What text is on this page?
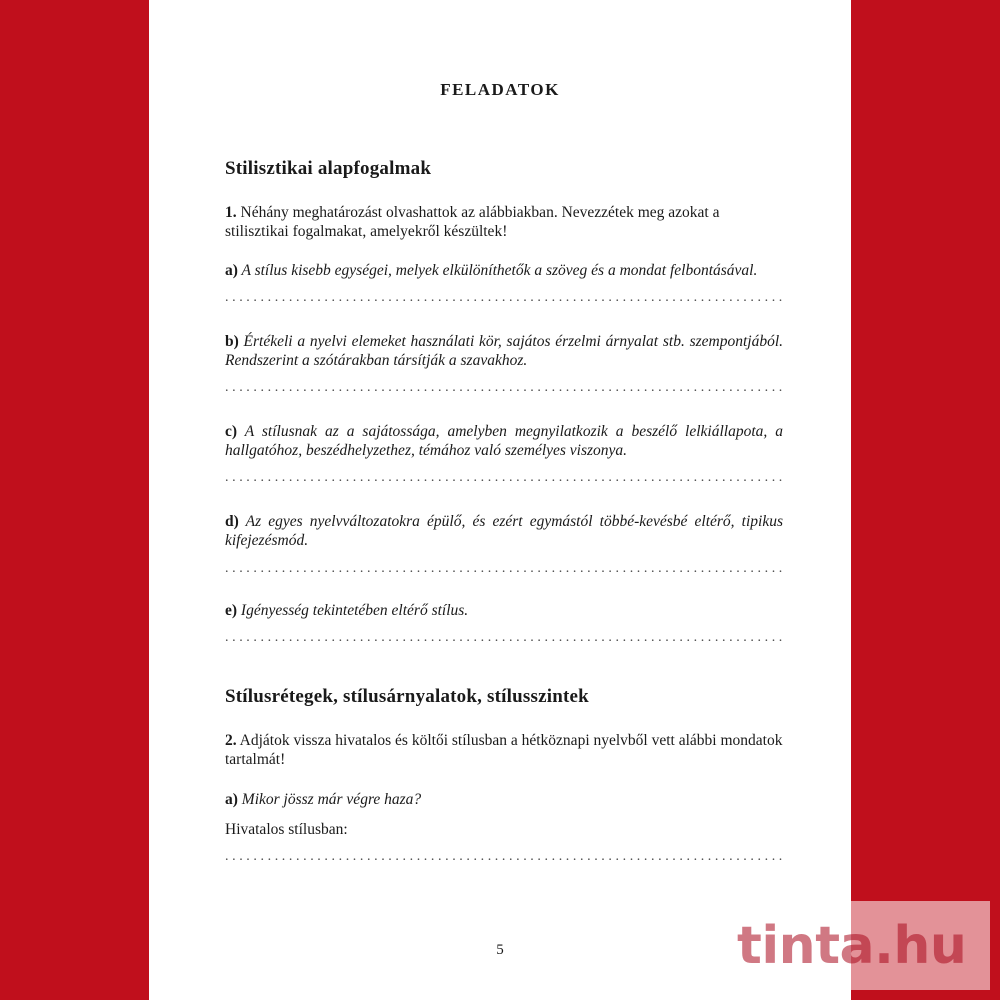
FELADATOK
Stilisztikai alapfogalmak
1. Néhány meghatározást olvashattok az alábbiakban. Nevezzétek meg azokat a stilisztikai fogalmakat, amelyekről készültek!
a) A stílus kisebb egységei, melyek elkülöníthetők a szöveg és a mondat felbontásával.
.....
b) Értékeli a nyelvi elemeket használati kör, sajátos érzelmi árnyalat stb. szempontjából. Rendszerint a szótárakban társítják a szavakhoz.
.....
c) A stílusnak az a sajátossága, amelyben megnyilatkozik a beszélő lelkiállapota, a hallgatóhoz, beszédhelyzethez, témához való személyes viszonya.
.....
d) Az egyes nyelvváltozatokra épülő, és ezért egymástól többé-kevésbé eltérő, tipikus kifejezésmód.
.....
e) Igényesség tekintetében eltérő stílus.
.....
Stílusrétegek, stílusárnyalatok, stílusszintek
2. Adjátok vissza hivatalos és költői stílusban a hétköznapi nyelvből vett alábbi mondatok tartalmát!
a) Mikor jössz már végre haza?
Hivatalos stílusban:
.....
5	tinta.hu
